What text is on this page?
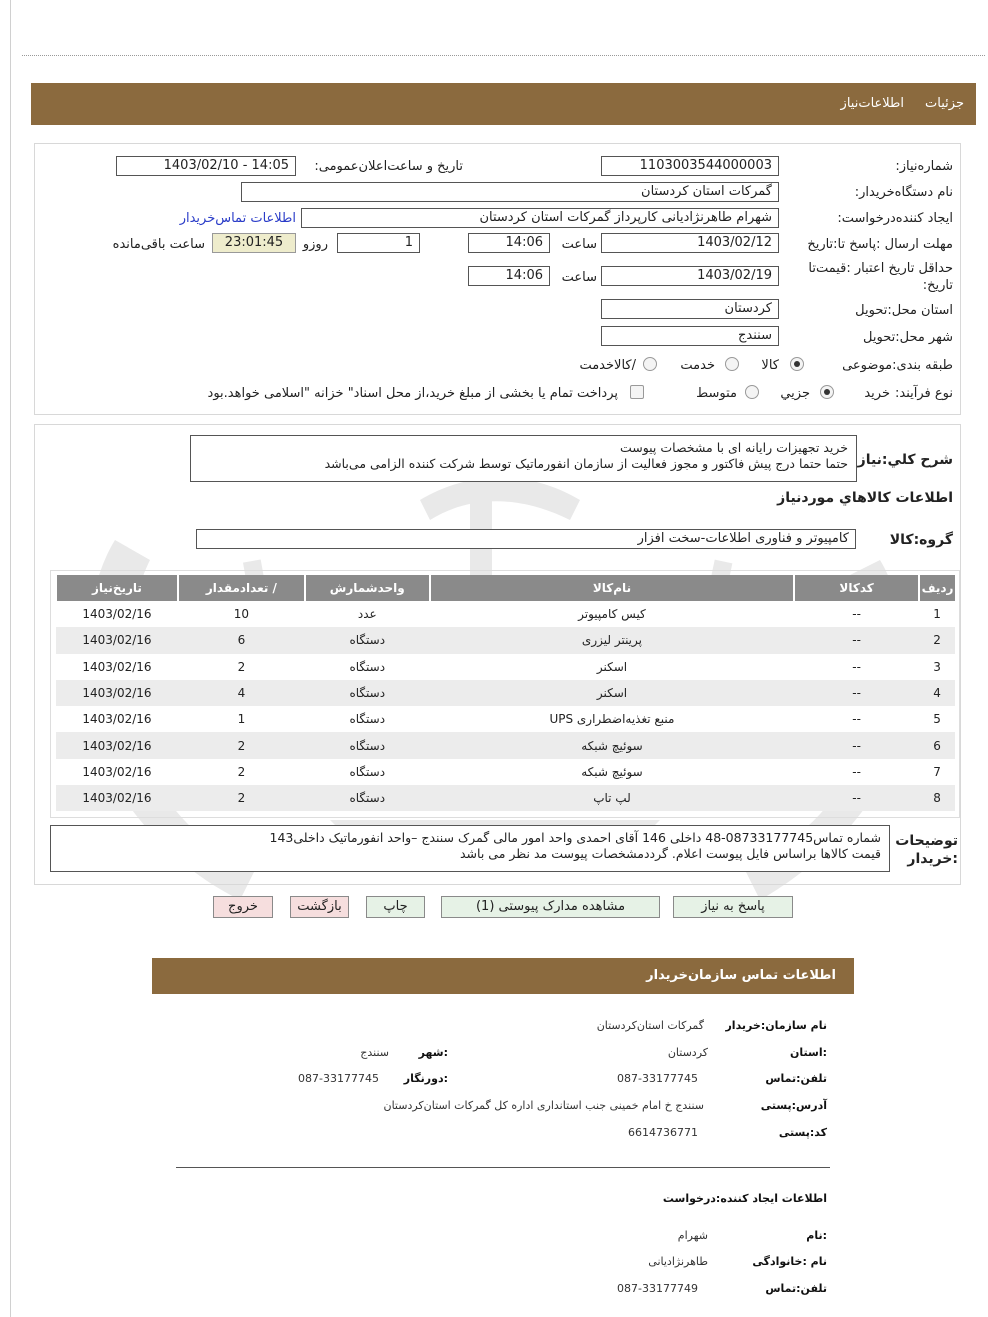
جزئیات
اطلاعات‌نیاز
شماره‌نیاز:
1103003544000003
تاریخ و ساعت‌اعلان‌عمومی:
1403/02/10 - 14:05
نام دستگاه‌خریدار:
گمرکات استان کردستان
ایجاد کننده‌درخواست:
شهرام طاهرنژادیانی کارپرداز گمرکات استان کردستان
اطلاعات تماس‌خریدار
مهلت ارسال :پاسخ تا:تاریخ
1403/02/12
ساعت
14:06
1
روزو
23:01:45
ساعت باقی‌مانده
حداقل تاریخ اعتبار :قیمت‌تا تاریخ:
1403/02/19
ساعت
14:06
استان محل:تحویل
کردستان
شهر محل:تحویل
سنندج
طبقه بندی:موضوعی
کالا
خدمت
/کالاخدمت
نوع فرآیند:
خرید
جزیي
متوسط
پرداخت تمام یا بخشی از مبلغ خرید،از محل اسناد" خزانه "اسلامی خواهد.بود
شرح کلي:نیاز
خرید تجهیزات رایانه ای با مشخصات پیوست
حتما حتما درج پیش فاکتور و مجوز فعالیت از سازمان انفورماتیک توسط شرکت کننده الزامی می‌باشد
اطلاعات کالاهاي مورد‌نیاز
گروه:کالا
کامپیوتر و فناوری اطلاعات-سخت افزار
ردیف	کدکالا	نام‌کالا	واحد‌شمارش	/ تعداد‌مقدار	تاریخ‌نیاز
1	--	کیس کامپیوتر	عدد	10	1403/02/16
2	--	پرینتر لیزری	دستگاه	6	1403/02/16
3	--	اسکنر	دستگاه	2	1403/02/16
4	--	اسکنر	دستگاه	4	1403/02/16
5	--	منبع تغذیه‌اضطراری UPS	دستگاه	1	1403/02/16
6	--	سوئیچ شبکه	دستگاه	2	1403/02/16
7	--	سوئیچ شبکه	دستگاه	2	1403/02/16
8	--	لپ تاپ	دستگاه	2	1403/02/16
توضیحات :خریدار
شماره تماس08733177745-48 داخلی 146 آقای احمدی واحد امور مالی گمرک سنندج –واحد انفورماتیک داخلی143
قیمت کالاها براساس فایل پیوست اعلام. گردد‌مشخصات پیوست مد نظر می باشد
پاسخ به نیاز
مشاهده مدارک پیوستی (1)
چاپ
بازگشت
خروج
اطلاعات تماس سازمان‌خریدار
نام سازمان:خریدار
گمرکات استان‌کردستان
:استان
کردستان
:شهر
سنندج
تلفن:تماس
087-33177745
:دورنگار
087-33177745
آدرس:پستی
سنندج خ امام خمینی جنب استانداری اداره کل گمرکات استان‌کردستان
کد:پستی
6614736771
اطلاعات ایجاد کننده:درخواست
:نام
شهرام
نام :خانوادگی
طاهرنژادیانی
تلفن:تماس
087-33177749
